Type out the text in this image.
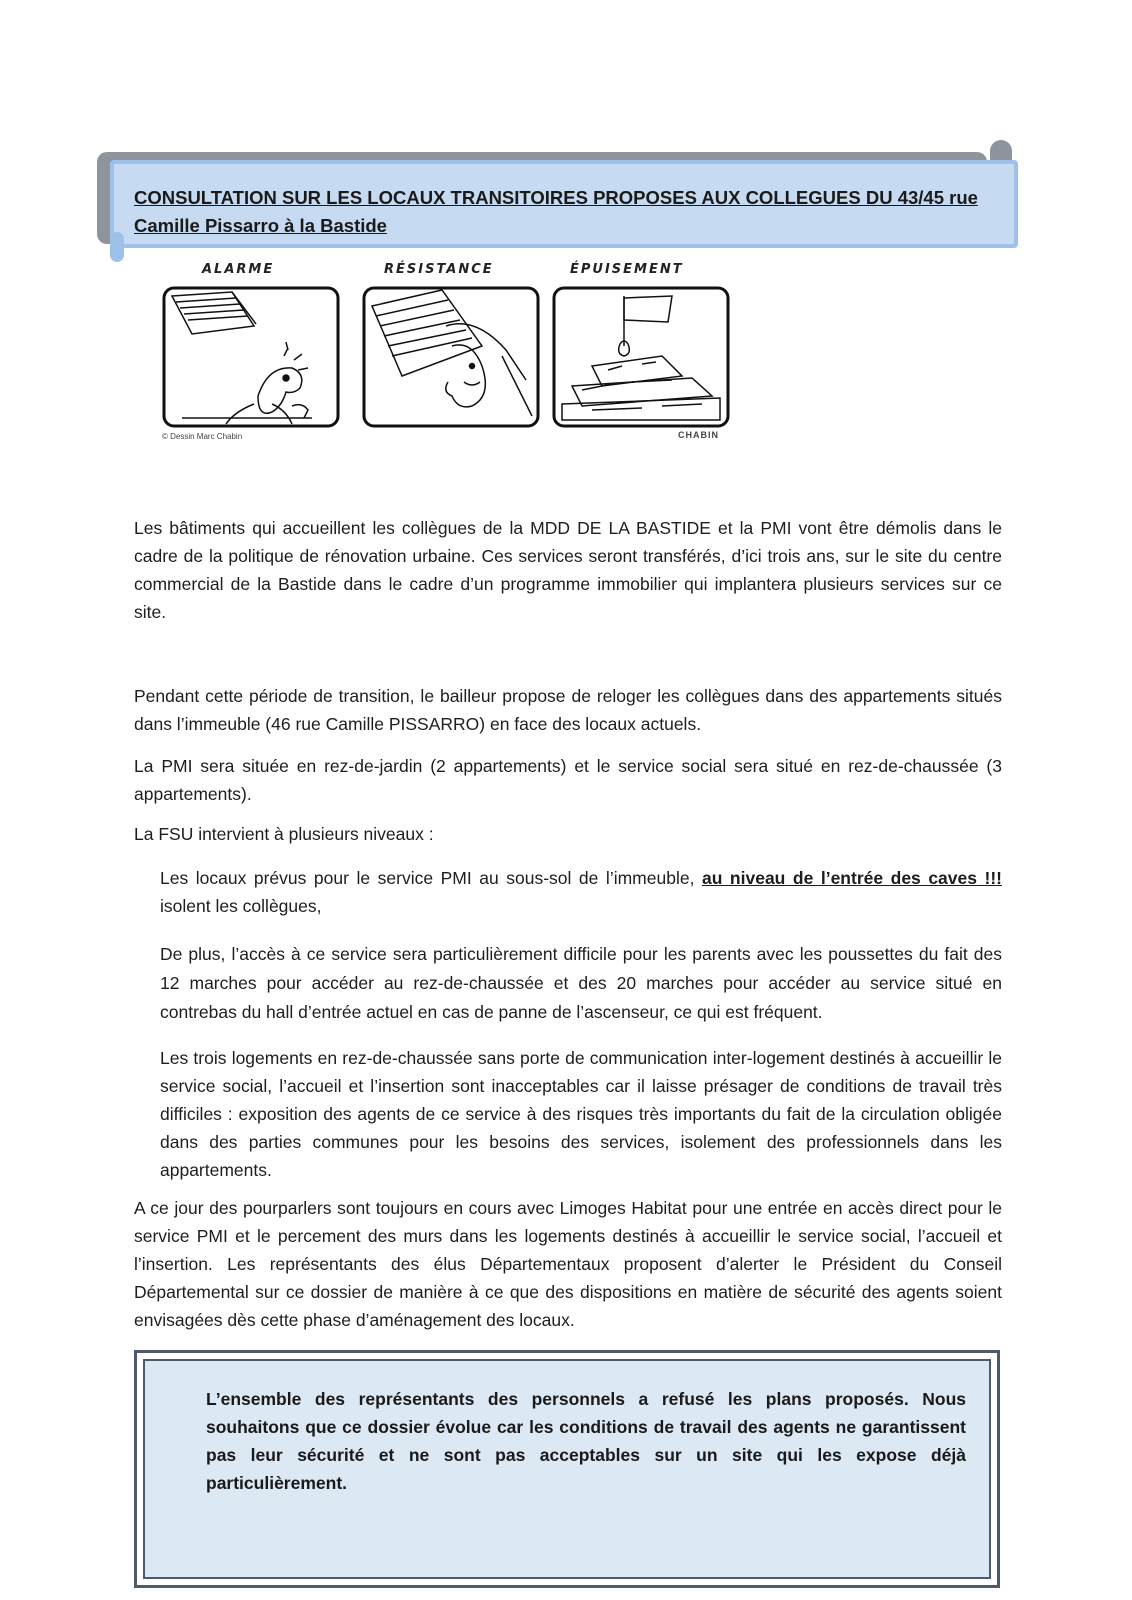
CONSULTATION SUR LES LOCAUX TRANSITOIRES PROPOSES AUX COLLEGUES DU 43/45 rue Camille Pissarro à la Bastide
ALARME	RÉSISTANCE	ÉPUISEMENT
© Dessin Marc Chabin	CHABIN
Les bâtiments qui accueillent les collègues de la MDD DE LA BASTIDE et la PMI vont être démolis dans le cadre de la politique de rénovation urbaine. Ces services seront transférés, d’ici trois ans, sur le site du centre commercial de la Bastide dans le cadre d’un programme immobilier qui implantera plusieurs services sur ce site.
Pendant cette période de transition, le bailleur propose de reloger les collègues dans des appartements situés dans l’immeuble (46 rue Camille PISSARRO) en face des locaux actuels.
La PMI sera située en rez-de-jardin (2 appartements) et le service social sera situé en rez-de-chaussée (3 appartements).
La FSU intervient à plusieurs niveaux :
Les locaux prévus pour le service PMI au sous-sol de l’immeuble, au niveau de l’entrée des caves !!! isolent les collègues,
De plus, l’accès à ce service sera particulièrement difficile pour les parents avec les poussettes du fait des 12 marches pour accéder au rez-de-chaussée et des 20 marches pour accéder au service situé en contrebas du hall d’entrée actuel en cas de panne de l’ascenseur, ce qui est fréquent.
Les trois logements en rez-de-chaussée sans porte de communication inter-logement destinés à accueillir le service social, l’accueil et l’insertion sont inacceptables car il laisse présager de conditions de travail très difficiles : exposition des agents de ce service à des risques très importants du fait de la circulation obligée dans des parties communes pour les besoins des services, isolement des professionnels dans les appartements.
A ce jour des pourparlers sont toujours en cours avec Limoges Habitat pour une entrée en accès direct pour le service PMI et le percement des murs dans les logements destinés à accueillir le service social, l’accueil et l’insertion. Les représentants des élus Départementaux proposent d’alerter le Président du Conseil Départemental sur ce dossier de manière à ce que des dispositions en matière de sécurité des agents soient envisagées dès cette phase d’aménagement des locaux.
L’ensemble des représentants des personnels a refusé les plans proposés. Nous souhaitons que ce dossier évolue car les conditions de travail des agents ne garantissent pas leur sécurité et ne sont pas acceptables sur un site qui les expose déjà particulièrement.
